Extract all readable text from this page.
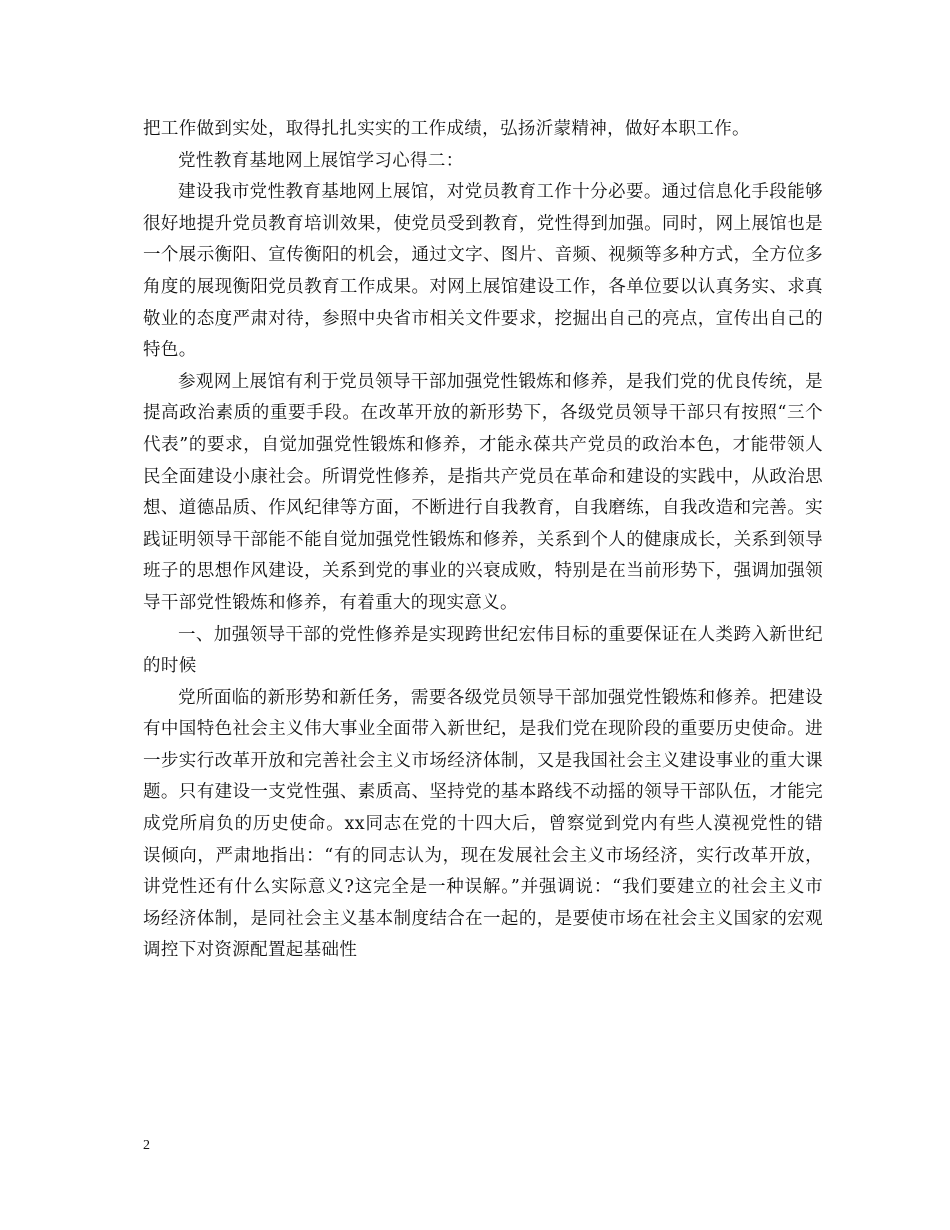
把工作做到实处，取得扎扎实实的工作成绩，弘扬沂蒙精神，做好本职工作。

党性教育基地网上展馆学习心得二：

建设我市党性教育基地网上展馆，对党员教育工作十分必要。通过信息化手段能够很好地提升党员教育培训效果，使党员受到教育，党性得到加强。同时，网上展馆也是一个展示衡阳、宣传衡阳的机会，通过文字、图片、音频、视频等多种方式，全方位多角度的展现衡阳党员教育工作成果。对网上展馆建设工作，各单位要以认真务实、求真敬业的态度严肃对待，参照中央省市相关文件要求，挖掘出自己的亮点，宣传出自己的特色。

参观网上展馆有利于党员领导干部加强党性锻炼和修养，是我们党的优良传统，是提高政治素质的重要手段。在改革开放的新形势下，各级党员领导干部只有按照“三个代表”的要求，自觉加强党性锻炼和修养，才能永葆共产党员的政治本色，才能带领人民全面建设小康社会。所谓党性修养，是指共产党员在革命和建设的实践中，从政治思想、道德品质、作风纪律等方面，不断进行自我教育，自我磨练，自我改造和完善。实践证明领导干部能不能自觉加强党性锻炼和修养，关系到个人的健康成长，关系到领导班子的思想作风建设，关系到党的事业的兴衰成败，特别是在当前形势下，强调加强领导干部党性锻炼和修养，有着重大的现实意义。

一、加强领导干部的党性修养是实现跨世纪宏伟目标的重要保证在人类跨入新世纪的时候

党所面临的新形势和新任务，需要各级党员领导干部加强党性锻炼和修养。把建设有中国特色社会主义伟大事业全面带入新世纪，是我们党在现阶段的重要历史使命。进一步实行改革开放和完善社会主义市场经济体制，又是我国社会主义建设事业的重大课题。只有建设一支党性强、素质高、坚持党的基本路线不动摇的领导干部队伍，才能完成党所肩负的历史使命。xx同志在党的十四大后，曾察觉到党内有些人漠视党性的错误倾向，严肃地指出：“有的同志认为，现在发展社会主义市场经济，实行改革开放，讲党性还有什么实际意义?这完全是一种误解。”并强调说：“我们要建立的社会主义市场经济体制，是同社会主义基本制度结合在一起的，是要使市场在社会主义国家的宏观调控下对资源配置起基础性

2
